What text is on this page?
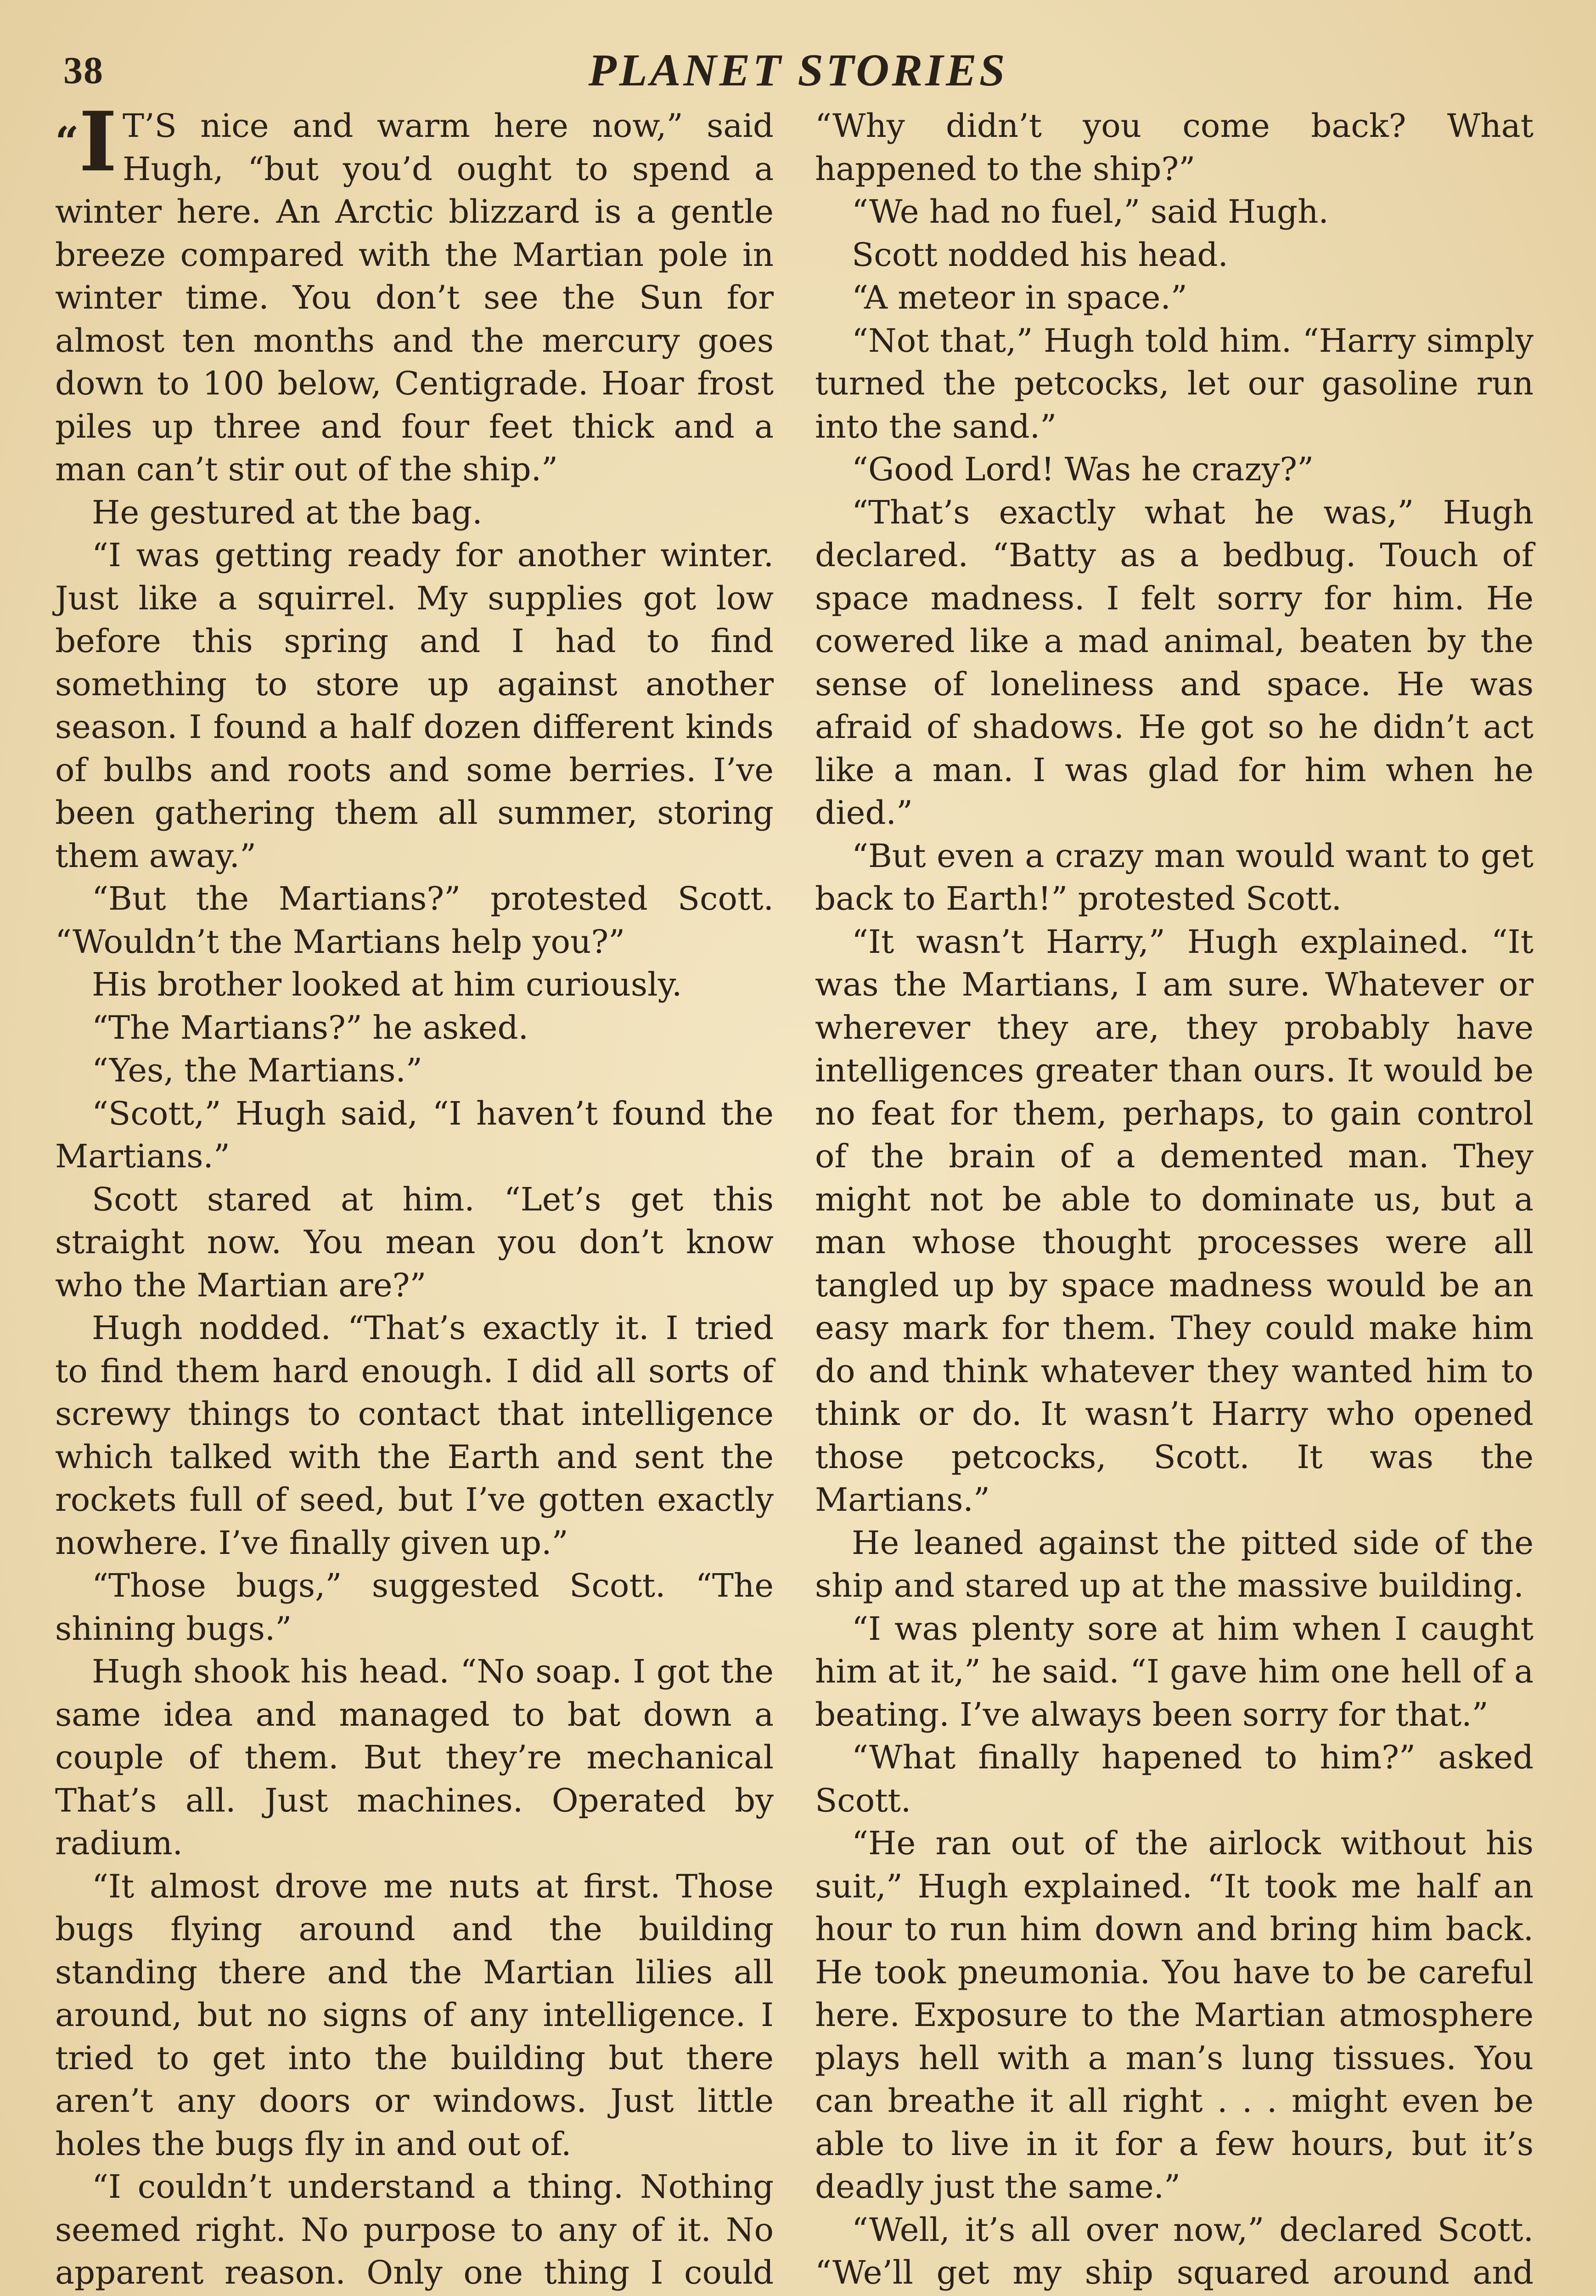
38	PLANET STORIES

“I T’S nice and warm here now,” said Hugh, “but you’d ought to spend a winter here. An Arctic blizzard is a gentle breeze compared with the Martian pole in winter time. You don’t see the Sun for almost ten months and the mercury goes down to 100 below, Centigrade. Hoar frost piles up three and four feet thick and a man can’t stir out of the ship.”

He gestured at the bag.

“I was getting ready for another winter. Just like a squirrel. My supplies got low before this spring and I had to find something to store up against another season. I found a half dozen different kinds of bulbs and roots and some berries. I’ve been gathering them all summer, storing them away.”

“But the Martians?” protested Scott. “Wouldn’t the Martians help you?”

His brother looked at him curiously.

“The Martians?” he asked.

“Yes, the Martians.”

“Scott,” Hugh said, “I haven’t found the Martians.”

Scott stared at him. “Let’s get this straight now. You mean you don’t know who the Martian are?”

Hugh nodded. “That’s exactly it. I tried to find them hard enough. I did all sorts of screwy things to contact that intelligence which talked with the Earth and sent the rockets full of seed, but I’ve gotten exactly nowhere. I’ve finally given up.”

“Those bugs,” suggested Scott. “The shining bugs.”

Hugh shook his head. “No soap. I got the same idea and managed to bat down a couple of them. But they’re mechanical That’s all. Just machines. Operated by radium.

“It almost drove me nuts at first. Those bugs flying around and the building standing there and the Martian lilies all around, but no signs of any intelligence. I tried to get into the building but there aren’t any doors or windows. Just little holes the bugs fly in and out of.

“I couldn’t understand a thing. Nothing seemed right. No purpose to any of it. No apparent reason. Only one thing I could

“Why didn’t you come back? What happened to the ship?”

“We had no fuel,” said Hugh.

Scott nodded his head.

“A meteor in space.”

“Not that,” Hugh told him. “Harry simply turned the petcocks, let our gasoline run into the sand.”

“Good Lord! Was he crazy?”

“That’s exactly what he was,” Hugh declared. “Batty as a bedbug. Touch of space madness. I felt sorry for him. He cowered like a mad animal, beaten by the sense of loneliness and space. He was afraid of shadows. He got so he didn’t act like a man. I was glad for him when he died.”

“But even a crazy man would want to get back to Earth!” protested Scott.

“It wasn’t Harry,” Hugh explained. “It was the Martians, I am sure. Whatever or wherever they are, they probably have intelligences greater than ours. It would be no feat for them, perhaps, to gain control of the brain of a demented man. They might not be able to dominate us, but a man whose thought processes were all tangled up by space madness would be an easy mark for them. They could make him do and think whatever they wanted him to think or do. It wasn’t Harry who opened those petcocks, Scott. It was the Martians.”

He leaned against the pitted side of the ship and stared up at the massive building.

“I was plenty sore at him when I caught him at it,” he said. “I gave him one hell of a beating. I’ve always been sorry for that.”

“What finally hapened to him?” asked Scott.

“He ran out of the airlock without his suit,” Hugh explained. “It took me half an hour to run him down and bring him back. He took pneumonia. You have to be careful here. Exposure to the Martian atmosphere plays hell with a man’s lung tissues. You can breathe it all right . . . might even be able to live in it for a few hours, but it’s deadly just the same.”

“Well, it’s all over now,” declared Scott. “We’ll get my ship squared around and
